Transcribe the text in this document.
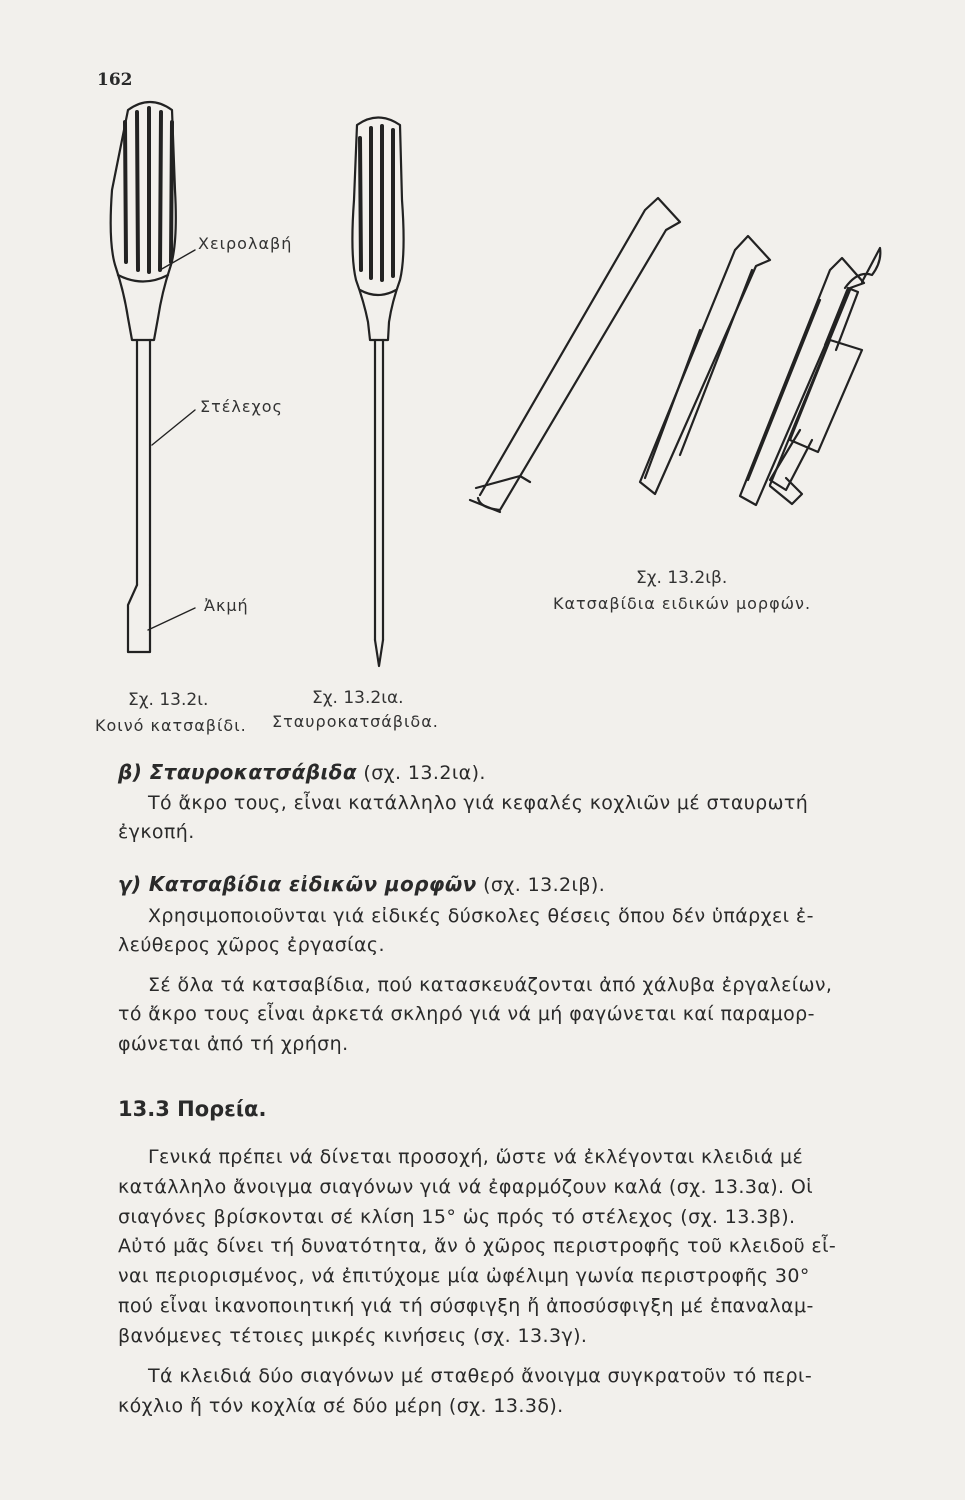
162
Χειρολαβή
Στέλεχος
Ἀκμή
Σχ. 13.2ι.
Κοινό κατσαβίδι.
Σχ. 13.2ια.
Σταυροκατσάβιδα.
Σχ. 13.2ιβ.
Κατσαβίδια ειδικών μορφών.
β) Σταυροκατσάβιδα (σχ. 13.2ια).
Τό ἄκρο τους, εἶναι κατάλληλο γιά κεφαλές κοχλιῶν μέ σταυρωτή
ἐγκοπή.
γ) Κατσαβίδια εἰδικῶν μορφῶν (σχ. 13.2ιβ).
Χρησιμοποιοῦνται γιά εἰδικές δύσκολες θέσεις ὅπου δέν ὑπάρχει ἐ-
λεύθερος χῶρος ἐργασίας.
Σέ ὅλα τά κατσαβίδια, πού κατασκευάζονται ἀπό χάλυβα ἐργαλείων,
τό ἄκρο τους εἶναι ἀρκετά σκληρό γιά νά μή φαγώνεται καί παραμορ-
φώνεται ἀπό τή χρήση.
13.3 Πορεία.
Γενικά πρέπει νά δίνεται προσοχή, ὥστε νά ἐκλέγονται κλειδιά μέ
κατάλληλο ἄνοιγμα σιαγόνων γιά νά ἐφαρμόζουν καλά (σχ. 13.3α). Οἱ
σιαγόνες βρίσκονται σέ κλίση 15° ὡς πρός τό στέλεχος (σχ. 13.3β).
Αὐτό μᾶς δίνει τή δυνατότητα, ἄν ὁ χῶρος περιστροφῆς τοῦ κλειδοῦ εἶ-
ναι περιορισμένος, νά ἐπιτύχομε μία ὠφέλιμη γωνία περιστροφῆς 30°
πού εἶναι ἱκανοποιητική γιά τή σύσφιγξη ἤ ἀποσύσφιγξη μέ ἐπαναλαμ-
βανόμενες τέτοιες μικρές κινήσεις (σχ. 13.3γ).
Τά κλειδιά δύο σιαγόνων μέ σταθερό ἄνοιγμα συγκρατοῦν τό περι-
κόχλιο ἤ τόν κοχλία σέ δύο μέρη (σχ. 13.3δ).
